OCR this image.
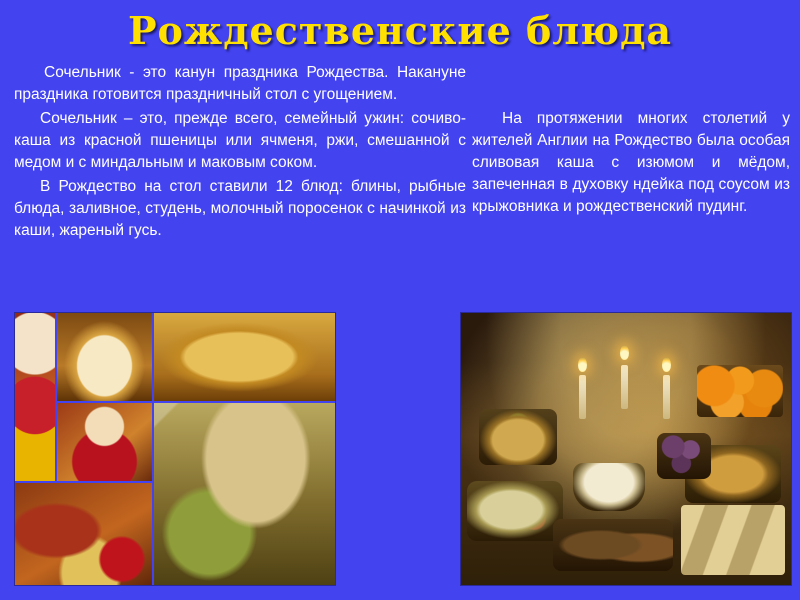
Рождественские блюда

Сочельник - это канун праздника Рождества. Накануне праздника готовится праздничный стол с угощением.

Сочельник – это, прежде всего, семейный ужин: сочиво-каша из красной пшеницы или ячменя, ржи, смешанной с медом и с миндальным и маковым соком.

В Рождество на стол ставили 12 блюд: блины, рыбные блюда, заливное, студень, молочный поросенок с начинкой из каши, жареный гусь.

На протяжении многих столетий у жителей Англии на Рождество была особая сливовая каша с изюмом и мёдом, запеченная в духовку ндейка под соусом из крыжовника и рождественский пудинг.
